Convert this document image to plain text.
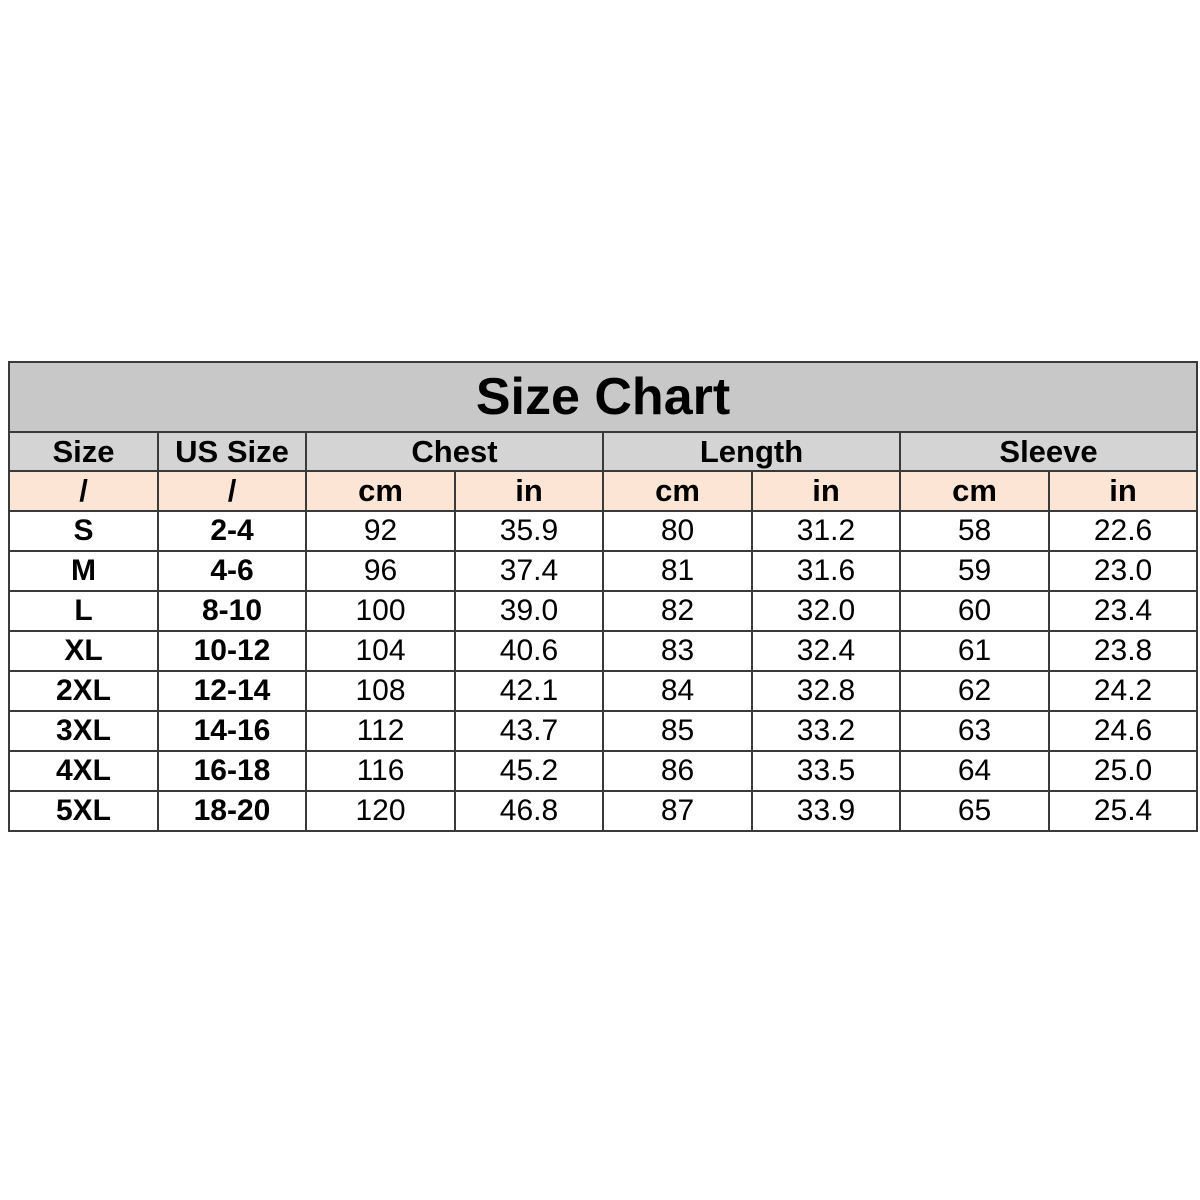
Size Chart							
Size	US Size	Chest		Length		Sleeve	
/	/	cm	in	cm	in	cm	in
S	2-4	92	35.9	80	31.2	58	22.6
M	4-6	96	37.4	81	31.6	59	23.0
L	8-10	100	39.0	82	32.0	60	23.4
XL	10-12	104	40.6	83	32.4	61	23.8
2XL	12-14	108	42.1	84	32.8	62	24.2
3XL	14-16	112	43.7	85	33.2	63	24.6
4XL	16-18	116	45.2	86	33.5	64	25.0
5XL	18-20	120	46.8	87	33.9	65	25.4
